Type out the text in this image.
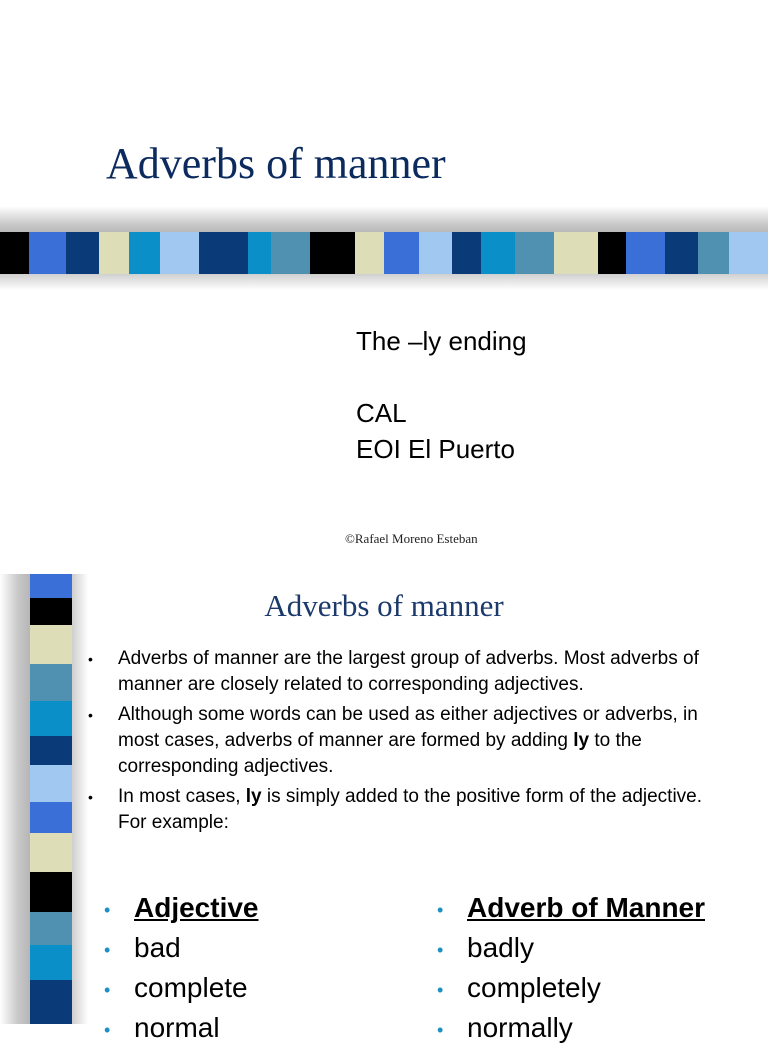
Adverbs of manner
The –ly ending
CAL
EOI El Puerto
©Rafael Moreno Esteban
Adverbs of manner
• Adverbs of manner are the largest group of adverbs. Most adverbs of manner are closely related to corresponding adjectives.
• Although some words can be used as either adjectives or adverbs, in most cases, adverbs of manner are formed by adding ly to the corresponding adjectives.
• In most cases, ly is simply added to the positive form of the adjective. For example:
• Adjective
• bad
• complete
• normal
• Adverb of Manner
• badly
• completely
• normally
